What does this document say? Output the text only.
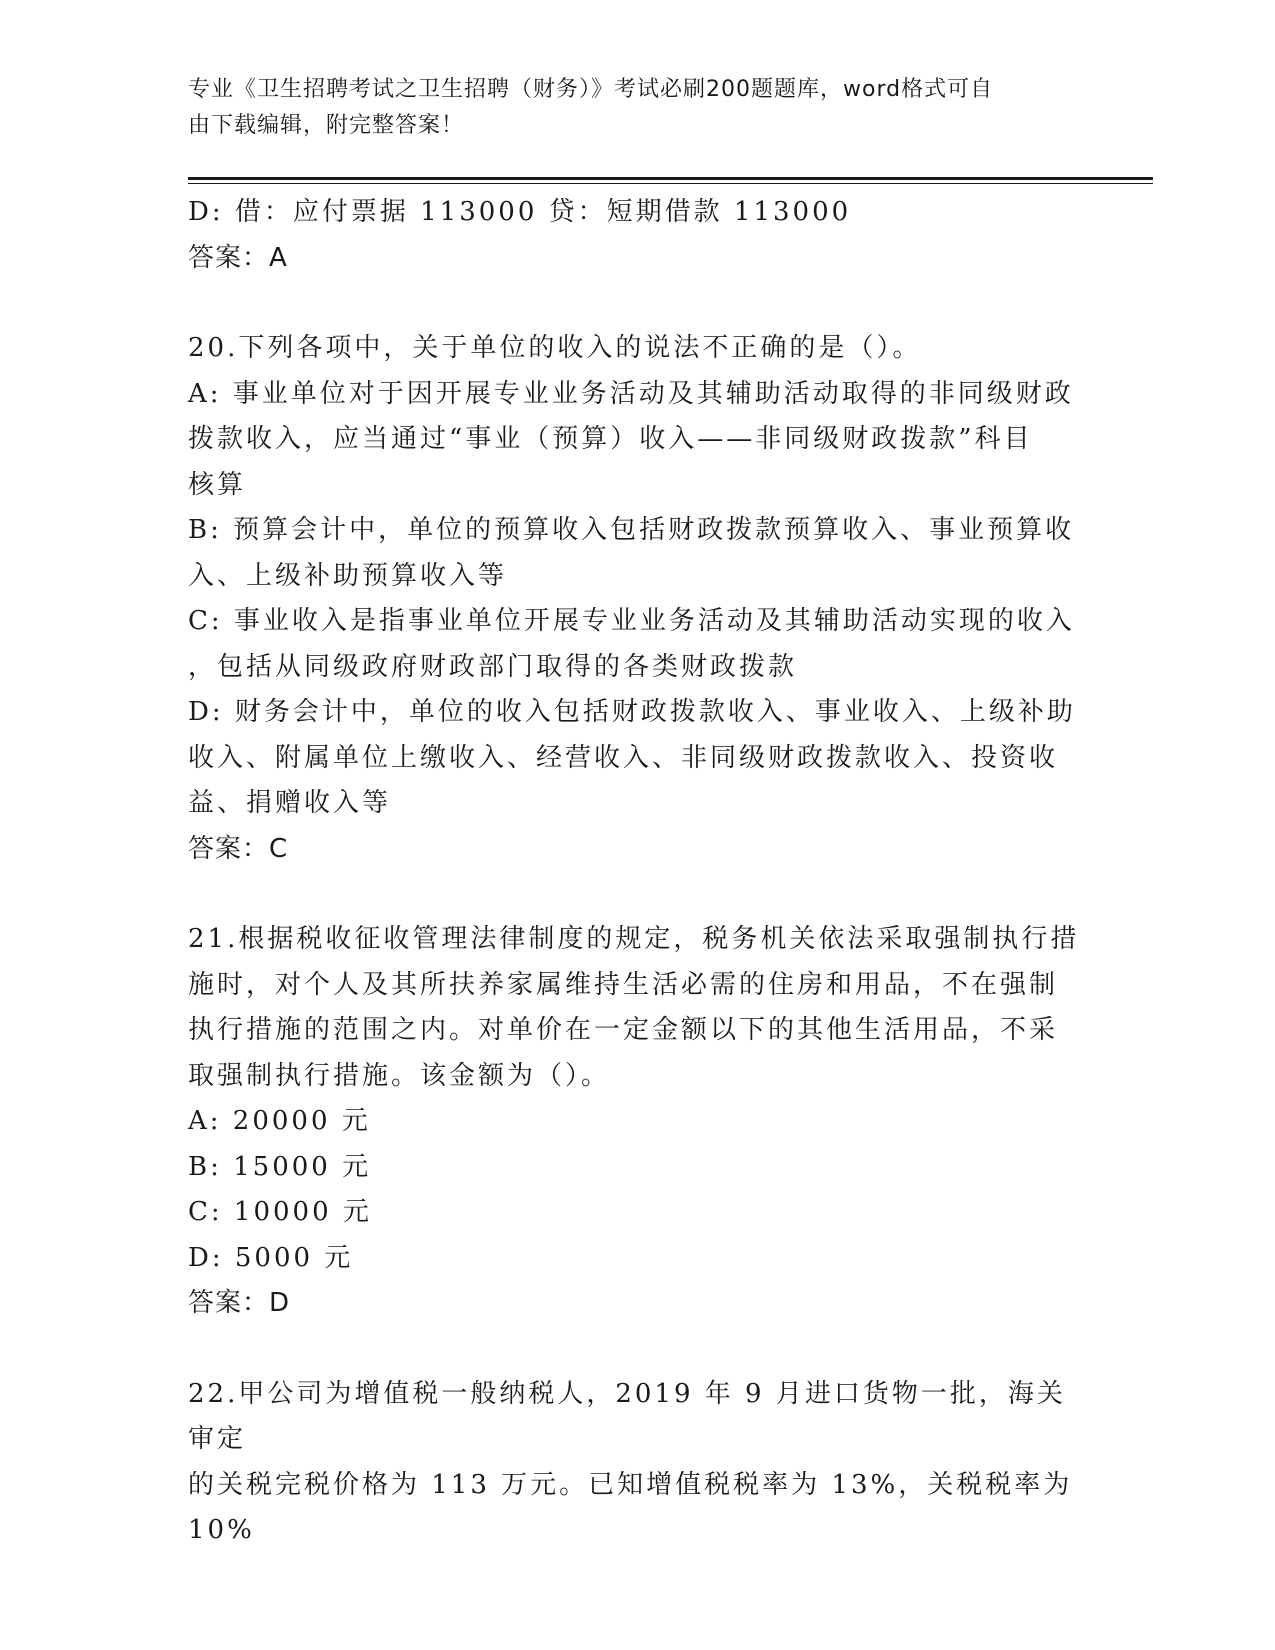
专业《卫生招聘考试之卫生招聘（财务）》考试必刷200题题库，word格式可自
由下载编辑，附完整答案！
D: 借：应付票据 113000 贷：短期借款 113000
答案：A
20.下列各项中，关于单位的收入的说法不正确的是（）。
A: 事业单位对于因开展专业业务活动及其辅助活动取得的非同级财政
拨款收入，应当通过“事业（预算）收入——非同级财政拨款”科目
核算
B: 预算会计中，单位的预算收入包括财政拨款预算收入、事业预算收
入、上级补助预算收入等
C: 事业收入是指事业单位开展专业业务活动及其辅助活动实现的收入
，包括从同级政府财政部门取得的各类财政拨款
D: 财务会计中，单位的收入包括财政拨款收入、事业收入、上级补助
收入、附属单位上缴收入、经营收入、非同级财政拨款收入、投资收
益、捐赠收入等
答案：C
21.根据税收征收管理法律制度的规定，税务机关依法采取强制执行措
施时，对个人及其所扶养家属维持生活必需的住房和用品，不在强制
执行措施的范围之内。对单价在一定金额以下的其他生活用品，不采
取强制执行措施。该金额为（）。
A: 20000 元
B: 15000 元
C: 10000 元
D: 5000 元
答案：D
22.甲公司为增值税一般纳税人，2019 年 9 月进口货物一批，海关审定
的关税完税价格为 113 万元。已知增值税税率为 13%，关税税率为 10%
